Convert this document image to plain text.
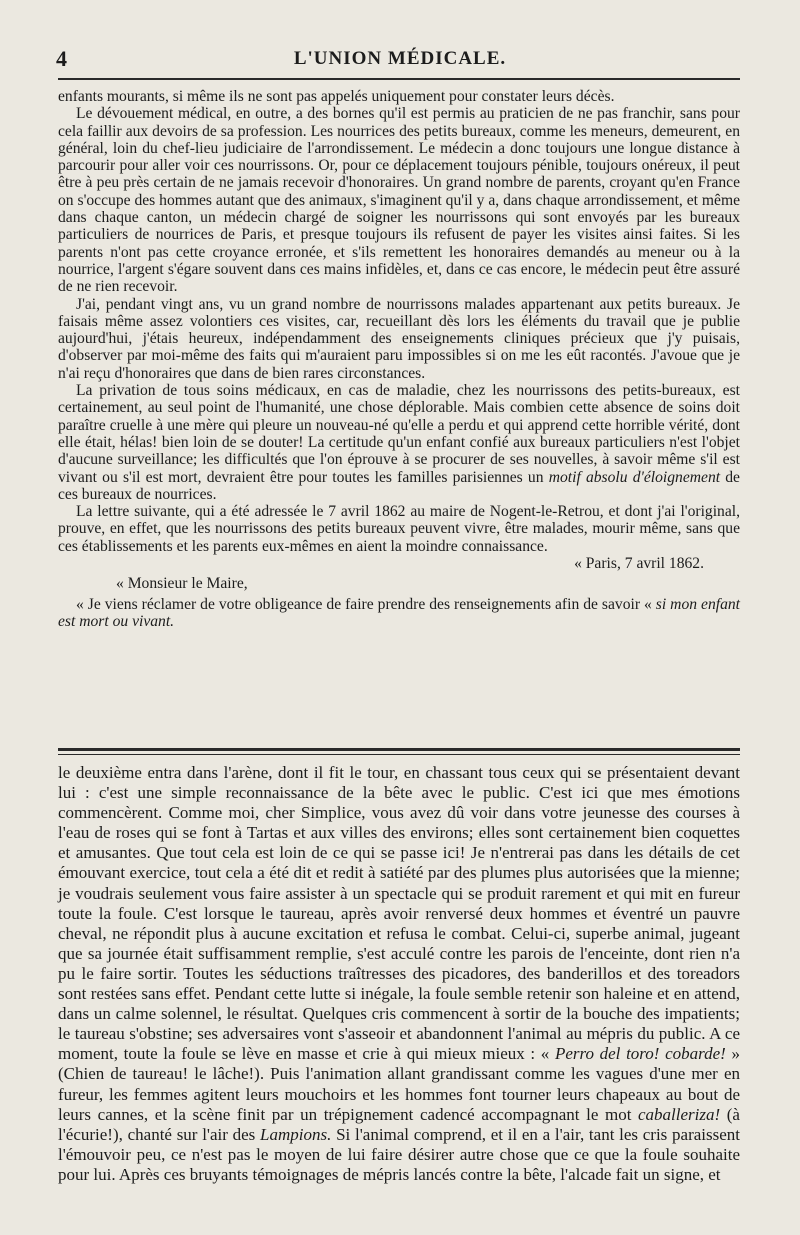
4	L'UNION MÉDICALE.

enfants mourants, si même ils ne sont pas appelés uniquement pour constater leurs décès.

Le dévouement médical, en outre, a des bornes qu'il est permis au praticien de ne pas franchir, sans pour cela faillir aux devoirs de sa profession. Les nourrices des petits bureaux, comme les meneurs, demeurent, en général, loin du chef-lieu judiciaire de l'arrondissement. Le médecin a donc toujours une longue distance à parcourir pour aller voir ces nourrissons. Or, pour ce déplacement toujours pénible, toujours onéreux, il peut être à peu près certain de ne jamais recevoir d'honoraires. Un grand nombre de parents, croyant qu'en France on s'occupe des hommes autant que des animaux, s'imaginent qu'il y a, dans chaque arrondissement, et même dans chaque canton, un médecin chargé de soigner les nourrissons qui sont envoyés par les bureaux particuliers de nourrices de Paris, et presque toujours ils refusent de payer les visites ainsi faites. Si les parents n'ont pas cette croyance erronée, et s'ils remettent les honoraires demandés au meneur ou à la nourrice, l'argent s'égare souvent dans ces mains infidèles, et, dans ce cas encore, le médecin peut être assuré de ne rien recevoir.

J'ai, pendant vingt ans, vu un grand nombre de nourrissons malades appartenant aux petits bureaux. Je faisais même assez volontiers ces visites, car, recueillant dès lors les éléments du travail que je publie aujourd'hui, j'étais heureux, indépendamment des enseignements cliniques précieux que j'y puisais, d'observer par moi-même des faits qui m'auraient paru impossibles si on me les eût racontés. J'avoue que je n'ai reçu d'honoraires que dans de bien rares circonstances.

La privation de tous soins médicaux, en cas de maladie, chez les nourrissons des petits-bureaux, est certainement, au seul point de l'humanité, une chose déplorable. Mais combien cette absence de soins doit paraître cruelle à une mère qui pleure un nouveau-né qu'elle a perdu et qui apprend cette horrible vérité, dont elle était, hélas! bien loin de se douter! La certitude qu'un enfant confié aux bureaux particuliers n'est l'objet d'aucune surveillance; les difficultés que l'on éprouve à se procurer de ses nouvelles, à savoir même s'il est vivant ou s'il est mort, devraient être pour toutes les familles parisiennes un motif absolu d'éloignement de ces bureaux de nourrices.

La lettre suivante, qui a été adressée le 7 avril 1862 au maire de Nogent-le-Retrou, et dont j'ai l'original, prouve, en effet, que les nourrissons des petits bureaux peuvent vivre, être malades, mourir même, sans que ces établissements et les parents eux-mêmes en aient la moindre connaissance.

« Paris, 7 avril 1862.

« Monsieur le Maire,

« Je viens réclamer de votre obligeance de faire prendre des renseignements afin de savoir « si mon enfant est mort ou vivant.

le deuxième entra dans l'arène, dont il fit le tour, en chassant tous ceux qui se présentaient devant lui : c'est une simple reconnaissance de la bête avec le public. C'est ici que mes émotions commencèrent. Comme moi, cher Simplice, vous avez dû voir dans votre jeunesse des courses à l'eau de roses qui se font à Tartas et aux villes des environs; elles sont certainement bien coquettes et amusantes. Que tout cela est loin de ce qui se passe ici! Je n'entrerai pas dans les détails de cet émouvant exercice, tout cela a été dit et redit à satiété par des plumes plus autorisées que la mienne; je voudrais seulement vous faire assister à un spectacle qui se produit rarement et qui mit en fureur toute la foule. C'est lorsque le taureau, après avoir renversé deux hommes et éventré un pauvre cheval, ne répondit plus à aucune excitation et refusa le combat. Celui-ci, superbe animal, jugeant que sa journée était suffisamment remplie, s'est acculé contre les parois de l'enceinte, dont rien n'a pu le faire sortir. Toutes les séductions traîtresses des picadores, des banderillos et des toreadors sont restées sans effet. Pendant cette lutte si inégale, la foule semble retenir son haleine et en attend, dans un calme solennel, le résultat. Quelques cris commencent à sortir de la bouche des impatients; le taureau s'obstine; ses adversaires vont s'asseoir et abandonnent l'animal au mépris du public. A ce moment, toute la foule se lève en masse et crie à qui mieux mieux : « Perro del toro! cobarde! » (Chien de taureau! le lâche!). Puis l'animation allant grandissant comme les vagues d'une mer en fureur, les femmes agitent leurs mouchoirs et les hommes font tourner leurs chapeaux au bout de leurs cannes, et la scène finit par un trépignement cadencé accompagnant le mot caballeriza! (à l'écurie!), chanté sur l'air des Lampions. Si l'animal comprend, et il en a l'air, tant les cris paraissent l'émouvoir peu, ce n'est pas le moyen de lui faire désirer autre chose que ce que la foule souhaite pour lui. Après ces bruyants témoignages de mépris lancés contre la bête, l'alcade fait un signe, et
